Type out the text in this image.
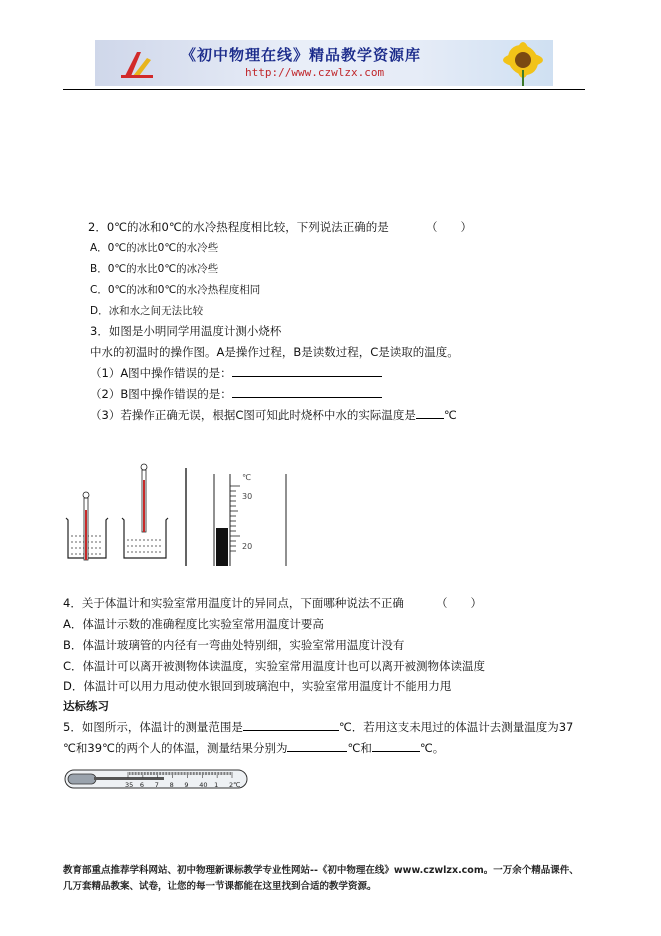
《初中物理在线》精品教学资源库
http://www.czwlzx.com
2．0℃的冰和0℃的水冷热程度相比较，下列说法正确的是	（　　）
A．0℃的冰比0℃的水冷些
B．0℃的水比0℃的冰冷些
C．0℃的冰和0℃的水冷热程度相同
D．冰和水之间无法比较
3．如图是小明同学用温度计测小烧杯
中水的初温时的操作图。A是操作过程，B是读数过程，C是读取的温度。
（1）A图中操作错误的是：
（2）B图中操作错误的是：
（3）若操作正确无误，根据C图可知此时烧杯中水的实际温度是 ℃
℃
30
20
4．关于体温计和实验室常用温度计的异同点，下面哪种说法不正确	（　　）
A．体温计示数的准确程度比实验室常用温度计要高
B．体温计玻璃管的内径有一弯曲处特别细，实验室常用温度计没有
C．体温计可以离开被测物体读温度，实验室常用温度计也可以离开被测物体读温度
D．体温计可以用力甩动使水银回到玻璃泡中，实验室常用温度计不能用力甩
达标练习
5．如图所示，体温计的测量范围是	℃．若用这支未甩过的体温计去测量温度为37
℃和39℃的两个人的体温，测量结果分别为	℃和	℃。
35 6 7 8 9 40 1 2℃
教育部重点推荐学科网站、初中物理新课标教学专业性网站--《初中物理在线》www.czwlzx.com。一万余个精品课件、
几万套精品教案、试卷，让您的每一节课都能在这里找到合适的教学资源。
